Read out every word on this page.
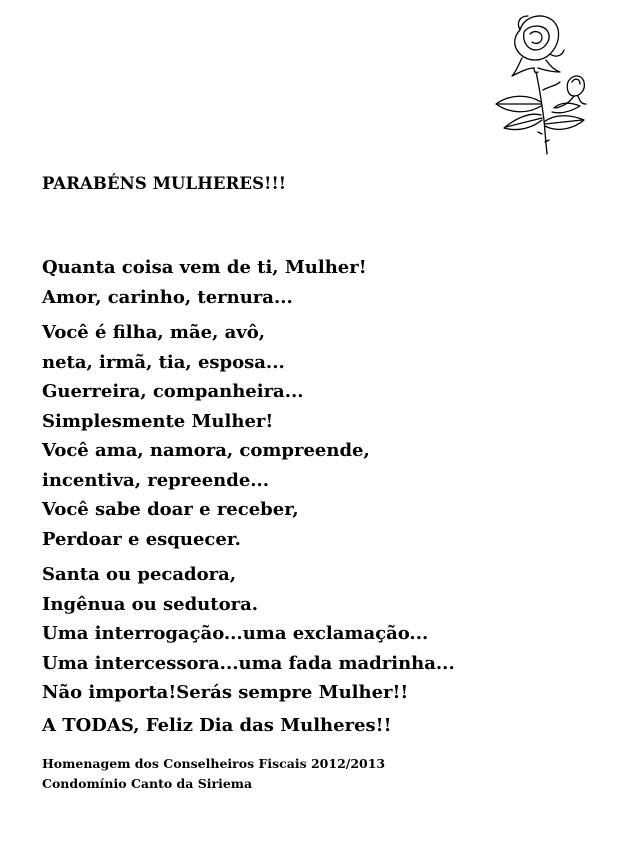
PARABÉNS MULHERES!!!
Quanta coisa vem de ti, Mulher!
Amor, carinho, ternura...
Você é filha, mãe, avô,
neta, irmã, tia, esposa...
Guerreira, companheira...
Simplesmente Mulher!
Você ama, namora, compreende,
incentiva, repreende...
Você sabe doar e receber,
Perdoar e esquecer.
Santa ou pecadora,
Ingênua ou sedutora.
Uma interrogação...uma exclamação...
Uma intercessora...uma fada madrinha...
Não importa!Serás sempre Mulher!!
A TODAS, Feliz Dia das Mulheres!!
Homenagem dos Conselheiros Fiscais 2012/2013
Condomínio Canto da Siriema
